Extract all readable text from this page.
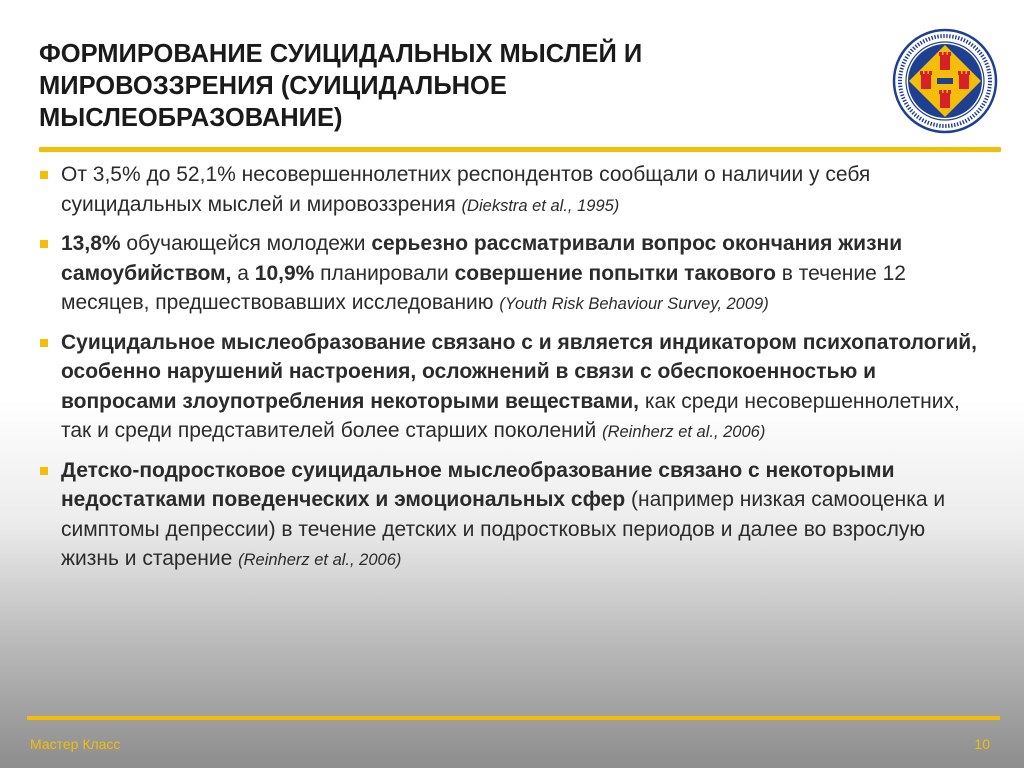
ФОРМИРОВАНИЕ СУИЦИДАЛЬНЫХ МЫСЛЕЙ И
МИРОВОЗЗРЕНИЯ (СУИЦИДАЛЬНОЕ
МЫСЛЕОБРАЗОВАНИЕ)
От 3,5% до 52,1% несовершеннолетних респондентов сообщали о наличии у себя суицидальных мыслей и мировоззрения (Diekstra et al., 1995)
13,8% обучающейся молодежи серьезно рассматривали вопрос окончания жизни самоубийством, а 10,9% планировали совершение попытки такового в течение 12 месяцев, предшествовавших исследованию (Youth Risk Behaviour Survey, 2009)
Суицидальное мыслеобразование связано с и является индикатором психопатологий, особенно нарушений настроения, осложнений в связи с обеспокоенностью и вопросами злоупотребления некоторыми веществами, как среди несовершеннолетних, так и среди представителей более старших поколений (Reinherz et al., 2006)
Детско-подростковое суицидальное мыслеобразование связано с некоторыми недостатками поведенческих и эмоциональных сфер (например низкая самооценка и симптомы депрессии) в течение детских и подростковых периодов и далее во взрослую жизнь и старение (Reinherz et al., 2006)
Мастер Класс	10
